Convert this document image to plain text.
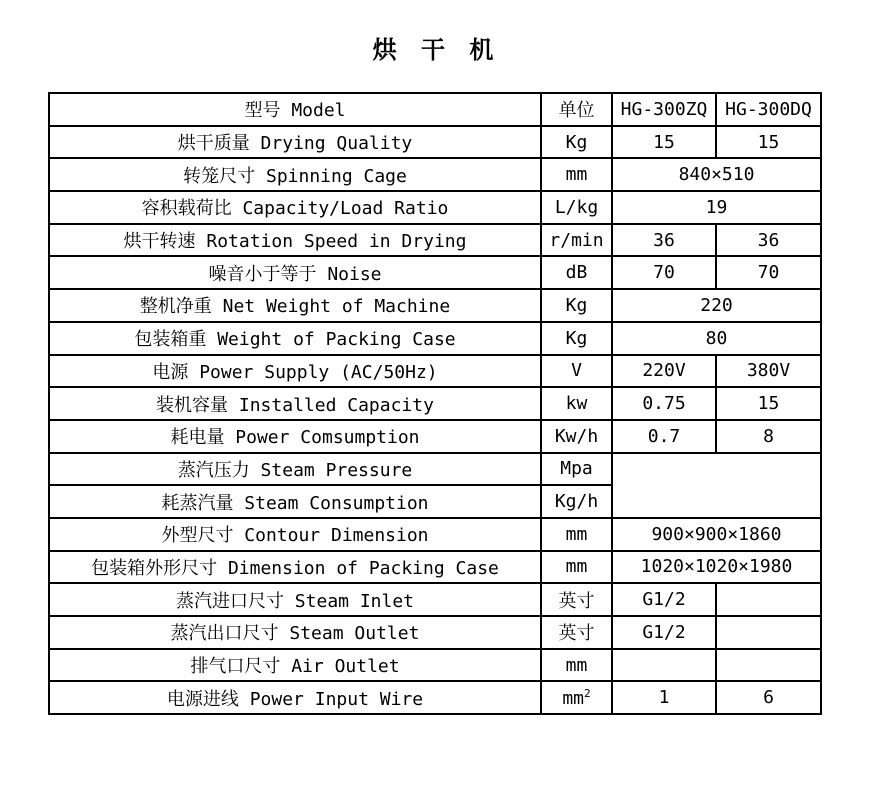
烘 干 机
型号 Model	单位	HG-300ZQ	HG-300DQ
烘干质量 Drying Quality	Kg	15	15
转笼尺寸 Spinning Cage	mm	840×510	
容积载荷比 Capacity/Load Ratio	L/kg	19	
烘干转速 Rotation Speed in Drying	r/min	36	36
噪音小于等于 Noise	dB	70	70
整机净重 Net Weight of Machine	Kg	220	
包装箱重 Weight of Packing Case	Kg	80	
电源 Power Supply (AC/50Hz)	V	220V	380V
装机容量 Installed Capacity	kw	0.75	15
耗电量 Power Comsumption	Kw/h	0.7	8
蒸汽压力 Steam Pressure	Mpa		
耗蒸汽量 Steam Consumption	Kg/h		
外型尺寸 Contour Dimension	mm	900×900×1860	
包装箱外形尺寸 Dimension of Packing Case	mm	1020×1020×1980	
蒸汽进口尺寸 Steam Inlet	英寸	G1/2	
蒸汽出口尺寸 Steam Outlet	英寸	G1/2	
排气口尺寸 Air Outlet	mm		
电源进线 Power Input Wire	$mm^2$	1	6
